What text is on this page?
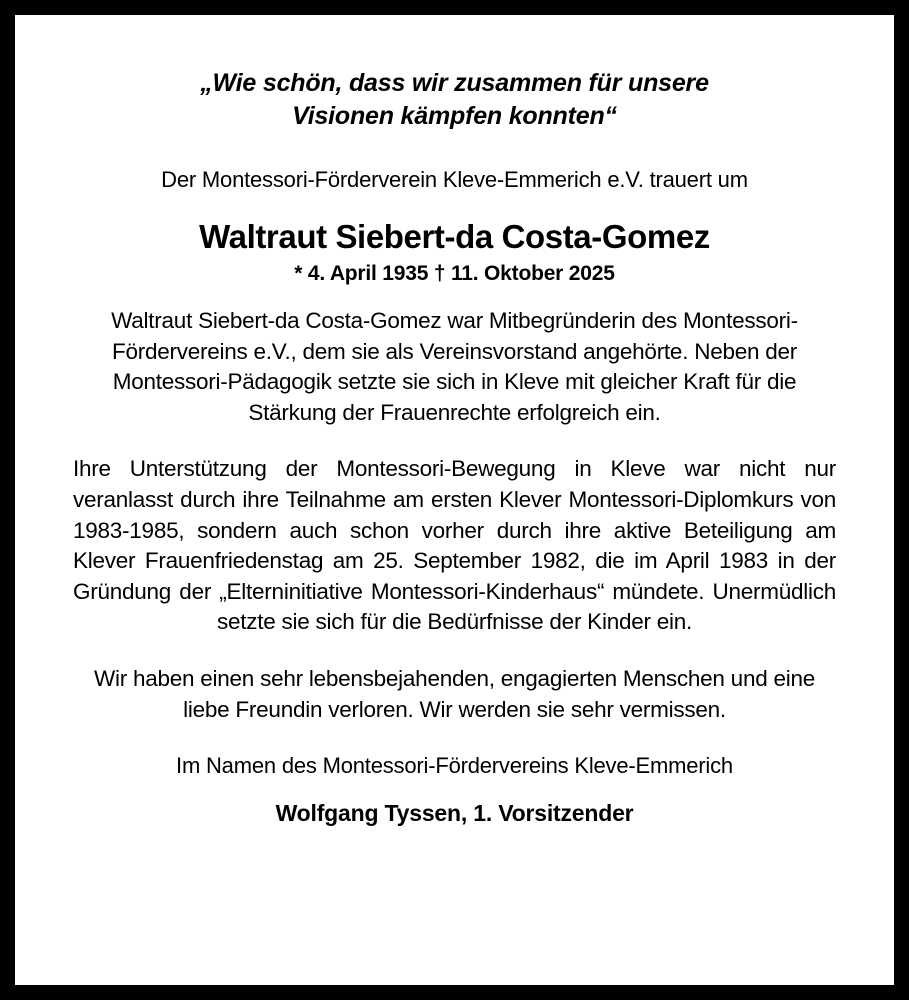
„Wie schön, dass wir zusammen für unsere
Visionen kämpfen konnten“
Der Montessori-Förderverein Kleve-Emmerich e.V. trauert um
Waltraut Siebert-da Costa-Gomez
* 4. April 1935 † 11. Oktober 2025

Waltraut Siebert-da Costa-Gomez war Mitbegründerin des Montessori-Fördervereins e.V., dem sie als Vereinsvorstand angehörte. Neben der Montessori-Pädagogik setzte sie sich in Kleve mit gleicher Kraft für die Stärkung der Frauenrechte erfolgreich ein.

Ihre Unterstützung der Montessori-Bewegung in Kleve war nicht nur veranlasst durch ihre Teilnahme am ersten Klever Montessori-Diplomkurs von 1983-1985, sondern auch schon vorher durch ihre aktive Beteiligung am Klever Frauenfriedenstag am 25. September 1982, die im April 1983 in der Gründung der „Elterninitiative Montessori-Kinderhaus“ mündete. Unermüdlich setzte sie sich für die Bedürfnisse der Kinder ein.

Wir haben einen sehr lebensbejahenden, engagierten Menschen und eine liebe Freundin verloren. Wir werden sie sehr vermissen.

Im Namen des Montessori-Fördervereins Kleve-Emmerich
Wolfgang Tyssen, 1. Vorsitzender
